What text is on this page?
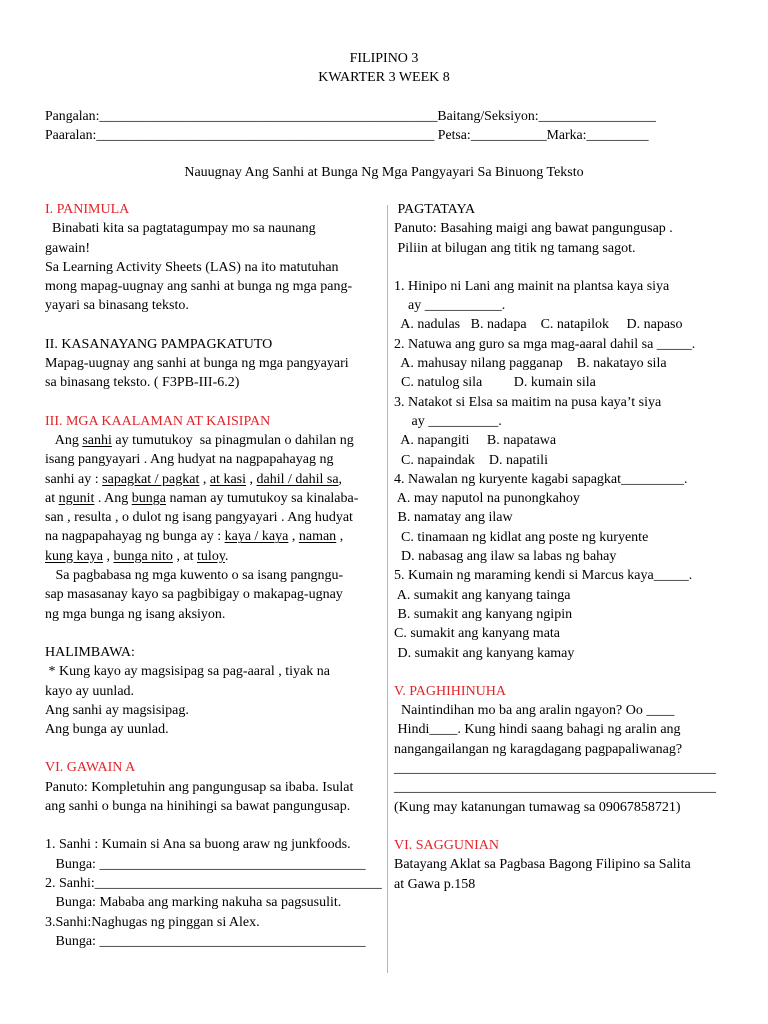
FILIPINO 3
KWARTER 3 WEEK 8
Pangalan:_________________________________________________Baitang/Seksiyon:_________________
Paaralan:_________________________________________________ Petsa:___________Marka:_________
Nauugnay Ang Sanhi at Bunga Ng Mga Pangyayari Sa Binuong Teksto

I. PANIMULA

Binabati kita sa pagtatagumpay mo sa naunang

gawain!

Sa Learning Activity Sheets (LAS) na ito matutuhan

mong mapag-uugnay ang sanhi at bunga ng mga pang-

yayari sa binasang teksto.

II. KASANAYANG PAMPAGKATUTO

Mapag-uugnay ang sanhi at bunga ng mga pangyayari

sa binasang teksto. ( F3PB-III-6.2)

III. MGA KAALAMAN AT KAISIPAN

Ang sanhi ay tumutukoy  sa pinagmulan o dahilan ng

isang pangyayari . Ang hudyat na nagpapahayag ng

sanhi ay : sapagkat / pagkat , at kasi , dahil / dahil sa,

at ngunit . Ang bunga naman ay tumutukoy sa kinalaba-

san , resulta , o dulot ng isang pangyayari . Ang hudyat

na nagpapahayag ng bunga ay : kaya / kaya , naman ,

kung kaya , bunga nito , at tuloy.

Sa pagbabasa ng mga kuwento o sa isang pangngu-

sap masasanay kayo sa pagbibigay o makapag-ugnay

ng mga bunga ng isang aksiyon.

HALIMBAWA:

* Kung kayo ay magsisipag sa pag-aaral , tiyak na

kayo ay uunlad.

Ang sanhi ay magsisipag.

Ang bunga ay uunlad.

VI. GAWAIN A

Panuto: Kompletuhin ang pangungusap sa ibaba. Isulat

ang sanhi o bunga na hinihingi sa bawat pangungusap.

1. Sanhi : Kumain si Ana sa buong araw ng junkfoods.

Bunga: ______________________________________

2. Sanhi:_________________________________________

Bunga: Mababa ang marking nakuha sa pagsusulit.

3.Sanhi:Naghugas ng pinggan si Alex.

Bunga: ______________________________________

PAGTATAYA

Panuto: Basahing maigi ang bawat pangungusap .

Piliin at bilugan ang titik ng tamang sagot.

1. Hinipo ni Lani ang mainit na plantsa kaya siya

ay ___________.

A. nadulas   B. nadapa    C. natapilok     D. napaso

2. Natuwa ang guro sa mga mag-aaral dahil sa _____.

A. mahusay nilang pagganap    B. nakatayo sila

C. natulog sila         D. kumain sila

3. Natakot si Elsa sa maitim na pusa kaya’t siya

ay __________.

A. napangiti     B. napatawa

C. napaindak    D. napatili

4. Nawalan ng kuryente kagabi sapagkat_________.

A. may naputol na punongkahoy

B. namatay ang ilaw

C. tinamaan ng kidlat ang poste ng kuryente

D. nabasag ang ilaw sa labas ng bahay

5. Kumain ng maraming kendi si Marcus kaya_____.

A. sumakit ang kanyang tainga

B. sumakit ang kanyang ngipin

C. sumakit ang kanyang mata

D. sumakit ang kanyang kamay

V. PAGHIHINUHA

Naintindihan mo ba ang aralin ngayon? Oo ____

Hindi____. Kung hindi saang bahagi ng aralin ang

nangangailangan ng karagdagang pagpapaliwanag?

______________________________________________

______________________________________________

(Kung may katanungan tumawag sa 09067858721)

VI. SAGGUNIAN

Batayang Aklat sa Pagbasa Bagong Filipino sa Salita

at Gawa p.158
